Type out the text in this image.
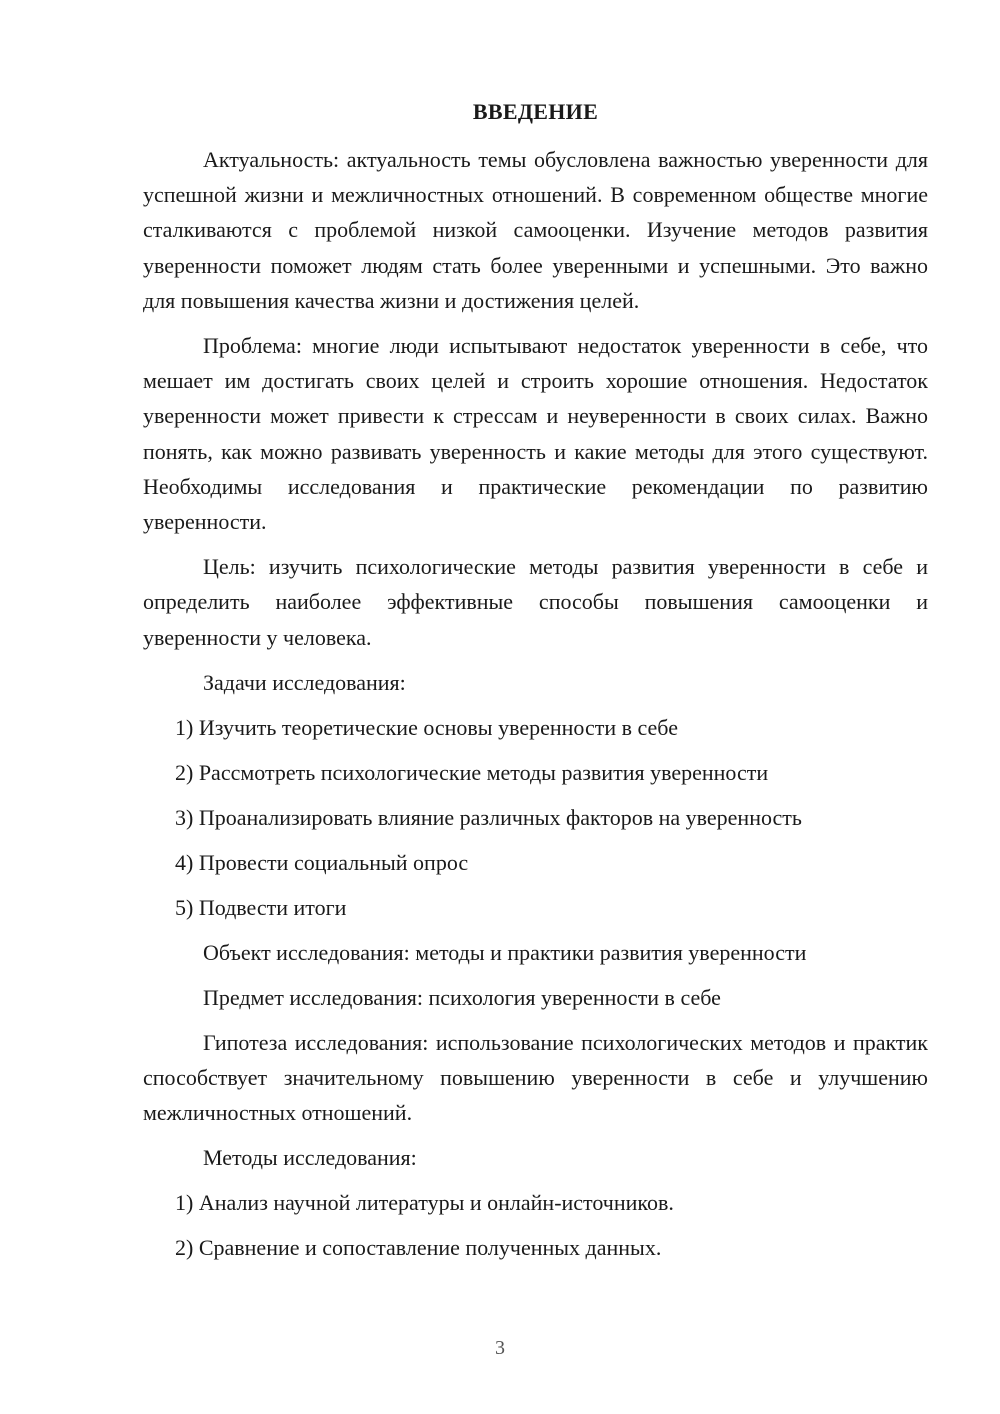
ВВЕДЕНИЕ

Актуальность: актуальность темы обусловлена важностью уверенности для успешной жизни и межличностных отношений. В современном обществе многие сталкиваются с проблемой низкой самооценки. Изучение методов развития уверенности поможет людям стать более уверенными и успешными. Это важно для повышения качества жизни и достижения целей.

Проблема: многие люди испытывают недостаток уверенности в себе, что мешает им достигать своих целей и строить хорошие отношения. Недостаток уверенности может привести к стрессам и неуверенности в своих силах. Важно понять, как можно развивать уверенность и какие методы для этого существуют. Необходимы исследования и практические рекомендации по развитию уверенности.

Цель: изучить психологические методы развития уверенности в себе и определить наиболее эффективные способы повышения самооценки и уверенности у человека.

Задачи исследования:
1) Изучить теоретические основы уверенности в себе
2) Рассмотреть психологические методы развития уверенности
3) Проанализировать влияние различных факторов на уверенность
4) Провести социальный опрос
5) Подвести итоги
Объект исследования: методы и практики развития уверенности
Предмет исследования: психология уверенности в себе

Гипотеза исследования: использование психологических методов и практик способствует значительному повышению уверенности в себе и улучшению межличностных отношений.

Методы исследования:
1) Анализ научной литературы и онлайн-источников.
2) Сравнение и сопоставление полученных данных.
3
